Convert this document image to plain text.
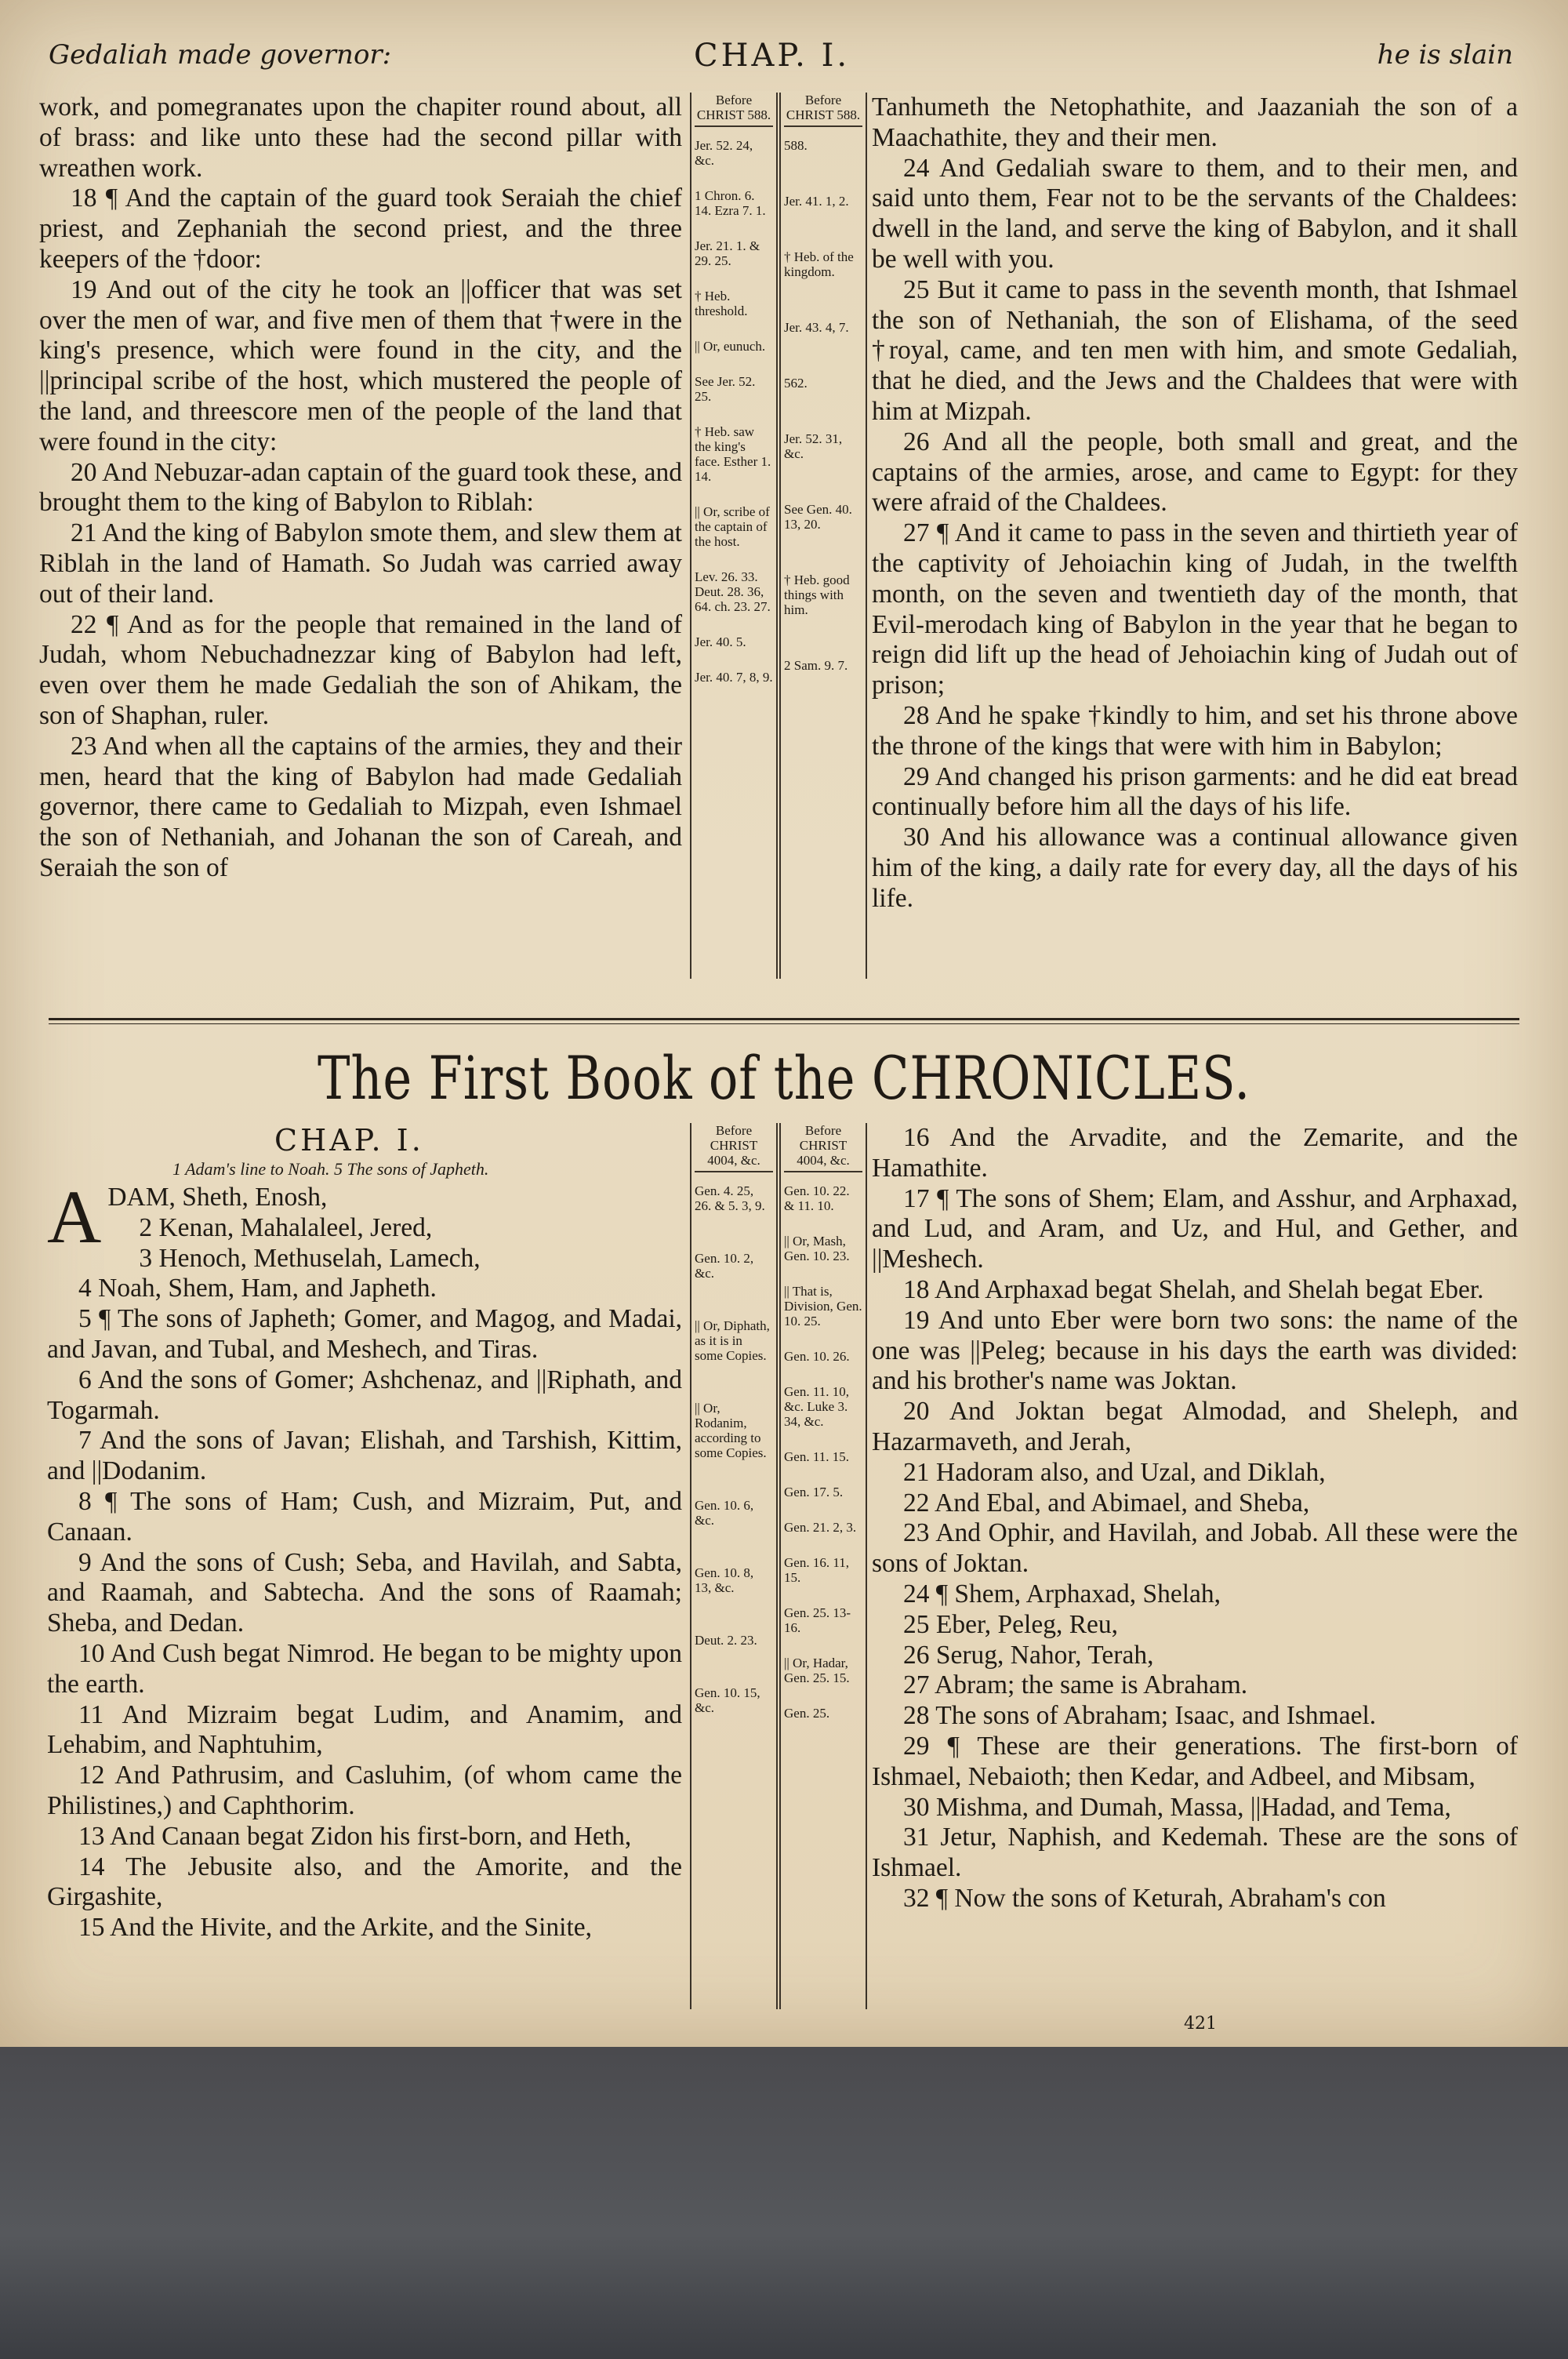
Gedaliah made governor:	CHAP. I.	he is slain

work, and pomegranates upon the chapiter round about, all of brass: and like unto these had the second pillar with wreathen work.

18 ¶ And the captain of the guard took Seraiah the chief priest, and Zephaniah the second priest, and the three keepers of the †door:

19 And out of the city he took an ||officer that was set over the men of war, and five men of them that †were in the king's presence, which were found in the city, and the ||principal scribe of the host, which mustered the people of the land, and threescore men of the people of the land that were found in the city:

20 And Nebuzar-adan captain of the guard took these, and brought them to the king of Babylon to Riblah:

21 And the king of Babylon smote them, and slew them at Riblah in the land of Hamath. So Judah was carried away out of their land.

22 ¶ And as for the people that remained in the land of Judah, whom Nebuchadnezzar king of Babylon had left, even over them he made Gedaliah the son of Ahikam, the son of Shaphan, ruler.

23 And when all the captains of the armies, they and their men, heard that the king of Babylon had made Gedaliah governor, there came to Gedaliah to Mizpah, even Ishmael the son of Nethaniah, and Johanan the son of Careah, and Seraiah the son of

Before CHRIST 588.
Jer. 52. 24, &c.
1 Chron. 6. 14. Ezra 7. 1.
Jer. 21. 1. & 29. 25.
† Heb. threshold.
|| Or, eunuch.
See Jer. 52. 25.
† Heb. saw the king's face. Esther 1. 14.
|| Or, scribe of the captain of the host.
Lev. 26. 33. Deut. 28. 36, 64. ch. 23. 27.
Jer. 40. 5.
Jer. 40. 7, 8, 9.
Before CHRIST 588.
588.
Jer. 41. 1, 2.
† Heb. of the kingdom.
Jer. 43. 4, 7.
562.
Jer. 52. 31, &c.
See Gen. 40. 13, 20.
† Heb. good things with him.
2 Sam. 9. 7.

Tanhumeth the Netophathite, and Jaazaniah the son of a Maachathite, they and their men.

24 And Gedaliah sware to them, and to their men, and said unto them, Fear not to be the servants of the Chaldees: dwell in the land, and serve the king of Babylon, and it shall be well with you.

25 But it came to pass in the seventh month, that Ishmael the son of Nethaniah, the son of Elishama, of the seed †royal, came, and ten men with him, and smote Gedaliah, that he died, and the Jews and the Chaldees that were with him at Mizpah.

26 And all the people, both small and great, and the captains of the armies, arose, and came to Egypt: for they were afraid of the Chaldees.

27 ¶ And it came to pass in the seven and thirtieth year of the captivity of Jehoiachin king of Judah, in the twelfth month, on the seven and twentieth day of the month, that Evil-merodach king of Babylon in the year that he began to reign did lift up the head of Jehoiachin king of Judah out of prison;

28 And he spake †kindly to him, and set his throne above the throne of the kings that were with him in Babylon;

29 And changed his prison garments: and he did eat bread continually before him all the days of his life.

30 And his allowance was a continual allowance given him of the king, a daily rate for every day, all the days of his life.

The First Book of the CHRONICLES.
CHAP. I.
1 Adam's line to Noah. 5 The sons of Japheth.
A DAM, Sheth, Enosh,

2 Kenan, Mahalaleel, Jered,

3 Henoch, Methuselah, Lamech,

4 Noah, Shem, Ham, and Japheth.

5 ¶ The sons of Japheth; Gomer, and Magog, and Madai, and Javan, and Tubal, and Meshech, and Tiras.

6 And the sons of Gomer; Ashchenaz, and ||Riphath, and Togarmah.

7 And the sons of Javan; Elishah, and Tarshish, Kittim, and ||Dodanim.

8 ¶ The sons of Ham; Cush, and Mizraim, Put, and Canaan.

9 And the sons of Cush; Seba, and Havilah, and Sabta, and Raamah, and Sabtecha. And the sons of Raamah; Sheba, and Dedan.

10 And Cush begat Nimrod. He began to be mighty upon the earth.

11 And Mizraim begat Ludim, and Anamim, and Lehabim, and Naphtuhim,

12 And Pathrusim, and Casluhim, (of whom came the Philistines,) and Caphthorim.

13 And Canaan begat Zidon his first-born, and Heth,

14 The Jebusite also, and the Amorite, and the Girgashite,

15 And the Hivite, and the Arkite, and the Sinite,

Before CHRIST 4004, &c.
Gen. 4. 25, 26. & 5. 3, 9.
Gen. 10. 2, &c.
|| Or, Diphath, as it is in some Copies.
|| Or, Rodanim, according to some Copies.
Gen. 10. 6, &c.
Gen. 10. 8, 13, &c.
Deut. 2. 23.
Gen. 10. 15, &c.
Before CHRIST 4004, &c.
Gen. 10. 22. & 11. 10.
|| Or, Mash, Gen. 10. 23.
|| That is, Division, Gen. 10. 25.
Gen. 10. 26.
Gen. 11. 10, &c. Luke 3. 34, &c.
Gen. 11. 15.
Gen. 17. 5.
Gen. 21. 2, 3.
Gen. 16. 11, 15.
Gen. 25. 13-16.
|| Or, Hadar, Gen. 25. 15.
Gen. 25.

16 And the Arvadite, and the Zemarite, and the Hamathite.

17 ¶ The sons of Shem; Elam, and Asshur, and Arphaxad, and Lud, and Aram, and Uz, and Hul, and Gether, and ||Meshech.

18 And Arphaxad begat Shelah, and Shelah begat Eber.

19 And unto Eber were born two sons: the name of the one was ||Peleg; because in his days the earth was divided: and his brother's name was Joktan.

20 And Joktan begat Almodad, and Sheleph, and Hazarmaveth, and Jerah,

21 Hadoram also, and Uzal, and Diklah,

22 And Ebal, and Abimael, and Sheba,

23 And Ophir, and Havilah, and Jobab. All these were the sons of Joktan.

24 ¶ Shem, Arphaxad, Shelah,

25 Eber, Peleg, Reu,

26 Serug, Nahor, Terah,

27 Abram; the same is Abraham.

28 The sons of Abraham; Isaac, and Ishmael.

29 ¶ These are their generations. The first-born of Ishmael, Nebaioth; then Kedar, and Adbeel, and Mibsam,

30 Mishma, and Dumah, Massa, ||Hadad, and Tema,

31 Jetur, Naphish, and Kedemah. These are the sons of Ishmael.

32 ¶ Now the sons of Keturah, Abraham's con

421
